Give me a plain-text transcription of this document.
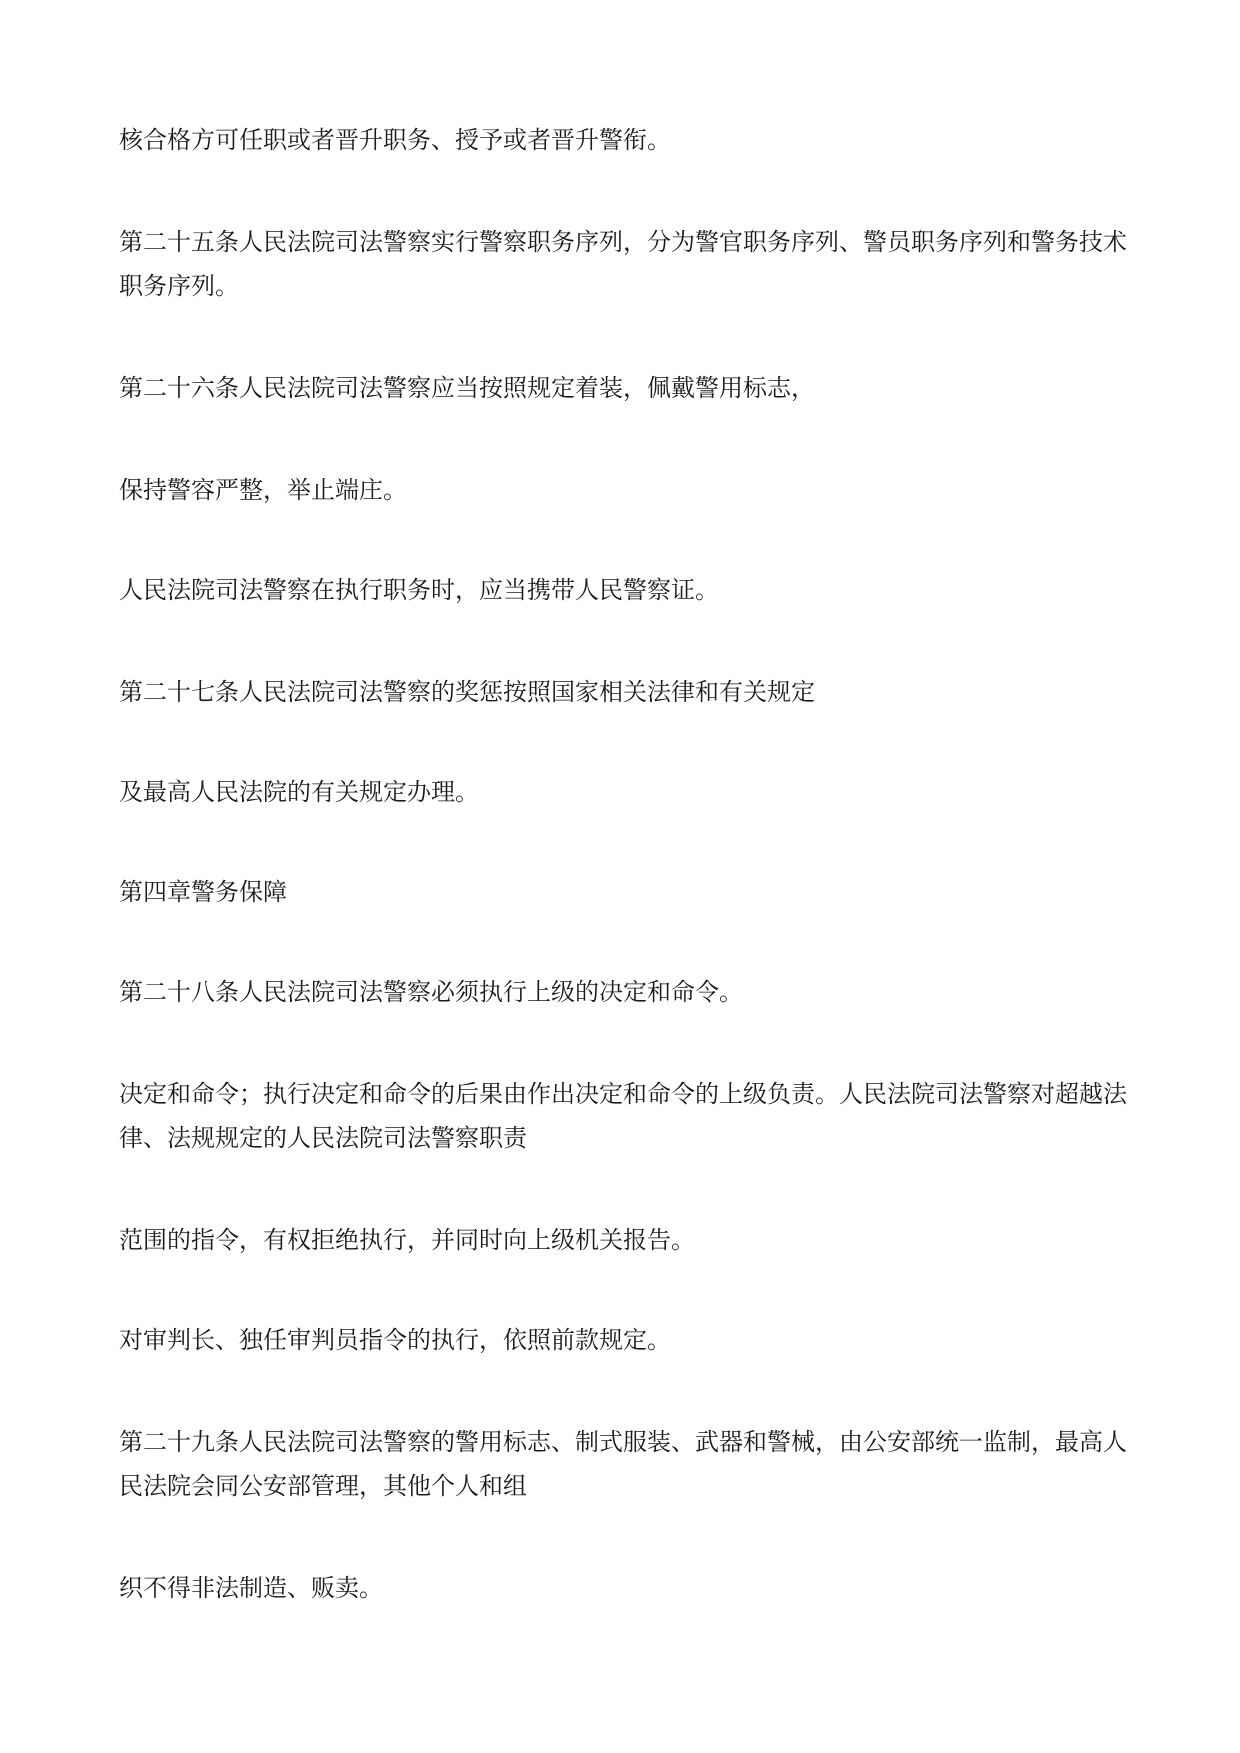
核合格方可任职或者晋升职务、授予或者晋升警衔。

第二十五条人民法院司法警察实行警察职务序列，分为警官职务序列、警员职务序列和警务技术职务序列。

第二十六条人民法院司法警察应当按照规定着装，佩戴警用标志，

保持警容严整，举止端庄。

人民法院司法警察在执行职务时，应当携带人民警察证。

第二十七条人民法院司法警察的奖惩按照国家相关法律和有关规定

及最高人民法院的有关规定办理。

第四章警务保障

第二十八条人民法院司法警察必须执行上级的决定和命令。

决定和命令；执行决定和命令的后果由作出决定和命令的上级负责。人民法院司法警察对超越法律、法规规定的人民法院司法警察职责

范围的指令，有权拒绝执行，并同时向上级机关报告。

对审判长、独任审判员指令的执行，依照前款规定。

第二十九条人民法院司法警察的警用标志、制式服装、武器和警械，由公安部统一监制，最高人民法院会同公安部管理，其他个人和组

织不得非法制造、贩卖。
